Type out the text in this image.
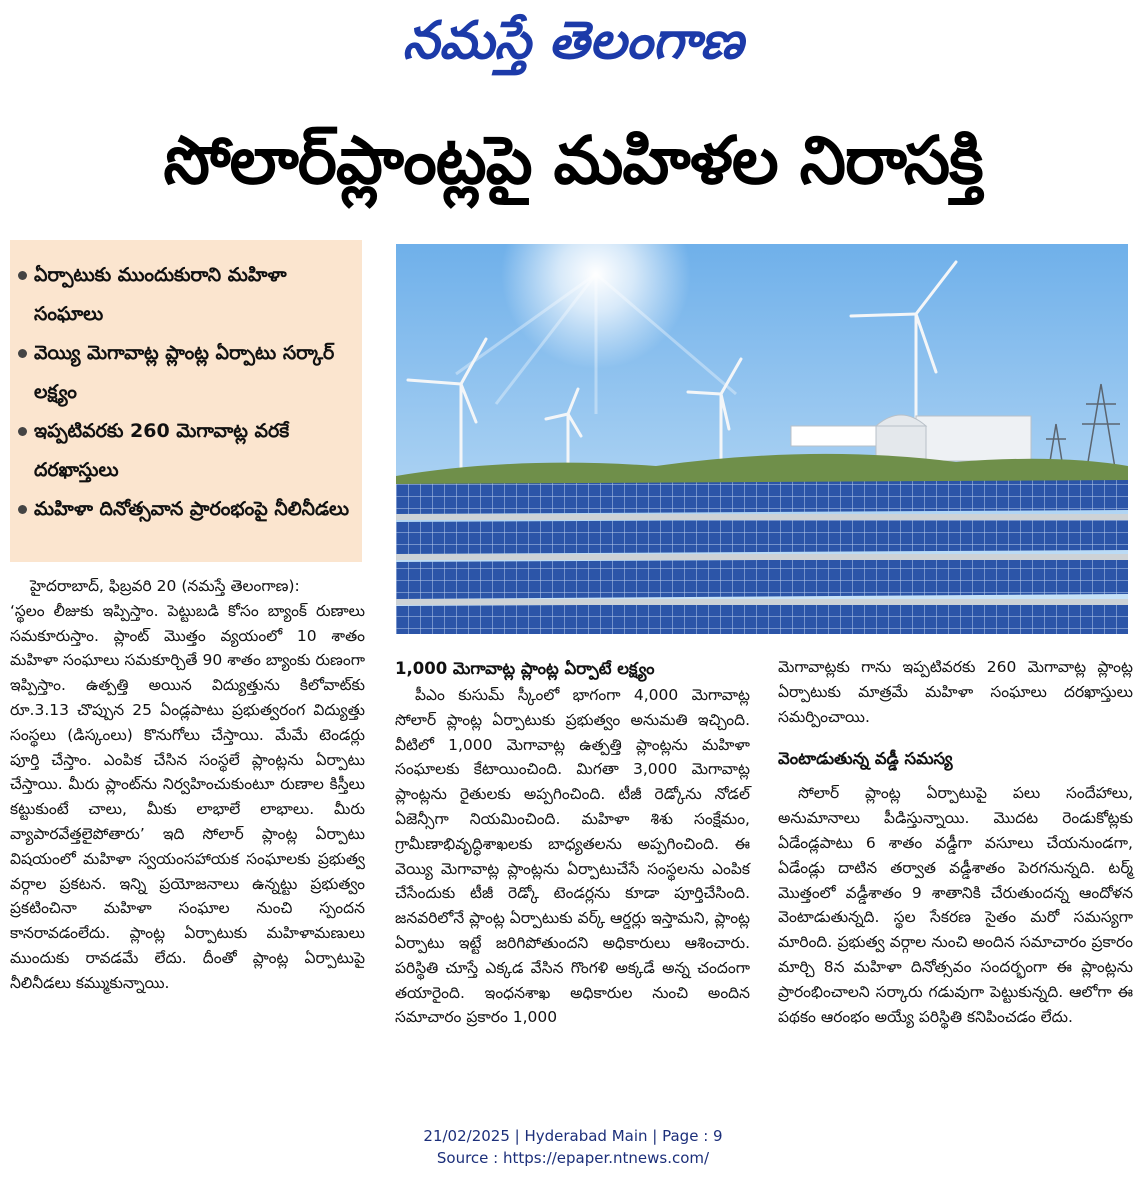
నమస్తే తెలంగాణ
సోలార్‌ప్లాంట్లపై మహిళల నిరాసక్తి
ఏర్పాటుకు ముందుకురాని మహిళా సంఘాలు
వెయ్యి మెగావాట్ల ప్లాంట్ల ఏర్పాటు సర్కార్‌ లక్ష్యం
ఇప్పటివరకు 260 మెగావాట్ల వరకే దరఖాస్తులు
మహిళా దినోత్సవాన ప్రారంభంపై నీలినీడలు

హైదరాబాద్‌, ఫిబ్రవరి 20 (నమస్తే తెలంగాణ):

‘స్థలం లీజుకు ఇప్పిస్తాం. పెట్టుబడి కోసం బ్యాంక్‌ రుణాలు సమకూరుస్తాం. ప్లాంట్‌ మొత్తం వ్యయంలో 10 శాతం మహిళా సంఘాలు సమకూర్చితే 90 శాతం బ్యాంకు రుణంగా ఇప్పిస్తాం. ఉత్పత్తి అయిన విద్యుత్తును కిలోవాట్‌కు రూ.3.13 చొప్పున 25 ఏండ్లపాటు ప్రభుత్వరంగ విద్యుత్తు సంస్థలు (డిస్కంలు) కొనుగోలు చేస్తాయి. మేమే టెండర్లు పూర్తి చేస్తాం. ఎంపిక చేసిన సంస్థలే ప్లాంట్లను ఏర్పాటు చేస్తాయి. మీరు ప్లాంట్‌ను నిర్వహించుకుంటూ రుణాల కిస్తీలు కట్టుకుంటే చాలు, మీకు లాభాలే లాభాలు. మీరు వ్యాపారవేత్తలైపోతారు’ ఇది సోలార్‌ ప్లాంట్ల ఏర్పాటు విషయంలో మహిళా స్వయంసహాయక సంఘాలకు ప్రభుత్వ వర్గాల ప్రకటన. ఇన్ని ప్రయోజనాలు ఉన్నట్టు ప్రభుత్వం ప్రకటించినా మహిళా సంఘాల నుంచి స్పందన కానరావడంలేదు. ప్లాంట్ల ఏర్పాటుకు మహిళామణులు ముందుకు రావడమే లేదు. దీంతో ప్లాంట్ల ఏర్పాటుపై నీలినీడలు కమ్ముకున్నాయి.

1,000 మెగావాట్ల ప్లాంట్ల ఏర్పాటే లక్ష్యం

పీఎం కుసుమ్‌ స్కీంలో భాగంగా 4,000 మెగావాట్ల సోలార్‌ ప్లాంట్ల ఏర్పాటుకు ప్రభుత్వం అనుమతి ఇచ్చింది. వీటిలో 1,000 మెగావాట్ల ఉత్పత్తి ప్లాంట్లను మహిళా సంఘాలకు కేటాయించింది. మిగతా 3,000 మెగావాట్ల ప్లాంట్లను రైతులకు అప్పగించింది. టీజీ రెడ్కోను నోడల్‌ ఏజెన్సీగా నియమించింది. మహిళా శిశు సంక్షేమం, గ్రామీణాభివృద్ధిశాఖలకు బాధ్యతలను అప్పగించింది. ఈ వెయ్యి మెగావాట్ల ప్లాంట్లను ఏర్పాటుచేసే సంస్థలను ఎంపిక చేసేందుకు టీజీ రెడ్కో టెండర్లను కూడా పూర్తిచేసింది. జనవరిలోనే ప్లాంట్ల ఏర్పాటుకు వర్క్‌ ఆర్డర్లు ఇస్తామని, ప్లాంట్ల ఏర్పాటు ఇట్టే జరిగిపోతుందని అధికారులు ఆశించారు. పరిస్థితి చూస్తే ఎక్కడ వేసిన గొంగళి అక్కడే అన్న చందంగా తయారైంది. ఇంధనశాఖ అధికారుల నుంచి అందిన సమాచారం ప్రకారం 1,000

మెగావాట్లకు గాను ఇప్పటివరకు 260 మెగావాట్ల ప్లాంట్ల ఏర్పాటుకు మాత్రమే మహిళా సంఘాలు దరఖాస్తులు సమర్పించాయి.

వెంటాడుతున్న వడ్డీ సమస్య

సోలార్‌ ప్లాంట్ల ఏర్పాటుపై పలు సందేహాలు, అనుమానాలు పీడిస్తున్నాయి. మొదట రెండుకోట్లకు ఏడేండ్లపాటు 6 శాతం వడ్డీగా వసూలు చేయనుండగా, ఏడేండ్లు దాటిన తర్వాత వడ్డీశాతం పెరగనున్నది. టర్మ్‌ మొత్తంలో వడ్డీశాతం 9 శాతానికి చేరుతుందన్న ఆందోళన వెంటాడుతున్నది. స్థల సేకరణ సైతం మరో సమస్యగా మారింది. ప్రభుత్వ వర్గాల నుంచి అందిన సమాచారం ప్రకారం మార్చి 8న మహిళా దినోత్సవం సందర్భంగా ఈ ప్లాంట్లను ప్రారంభించాలని సర్కారు గడువుగా పెట్టుకున్నది. ఆలోగా ఈ పథకం ఆరంభం అయ్యే పరిస్థితి కనిపించడం లేదు.

21/02/2025 | Hyderabad Main | Page : 9
Source : https://epaper.ntnews.com/
